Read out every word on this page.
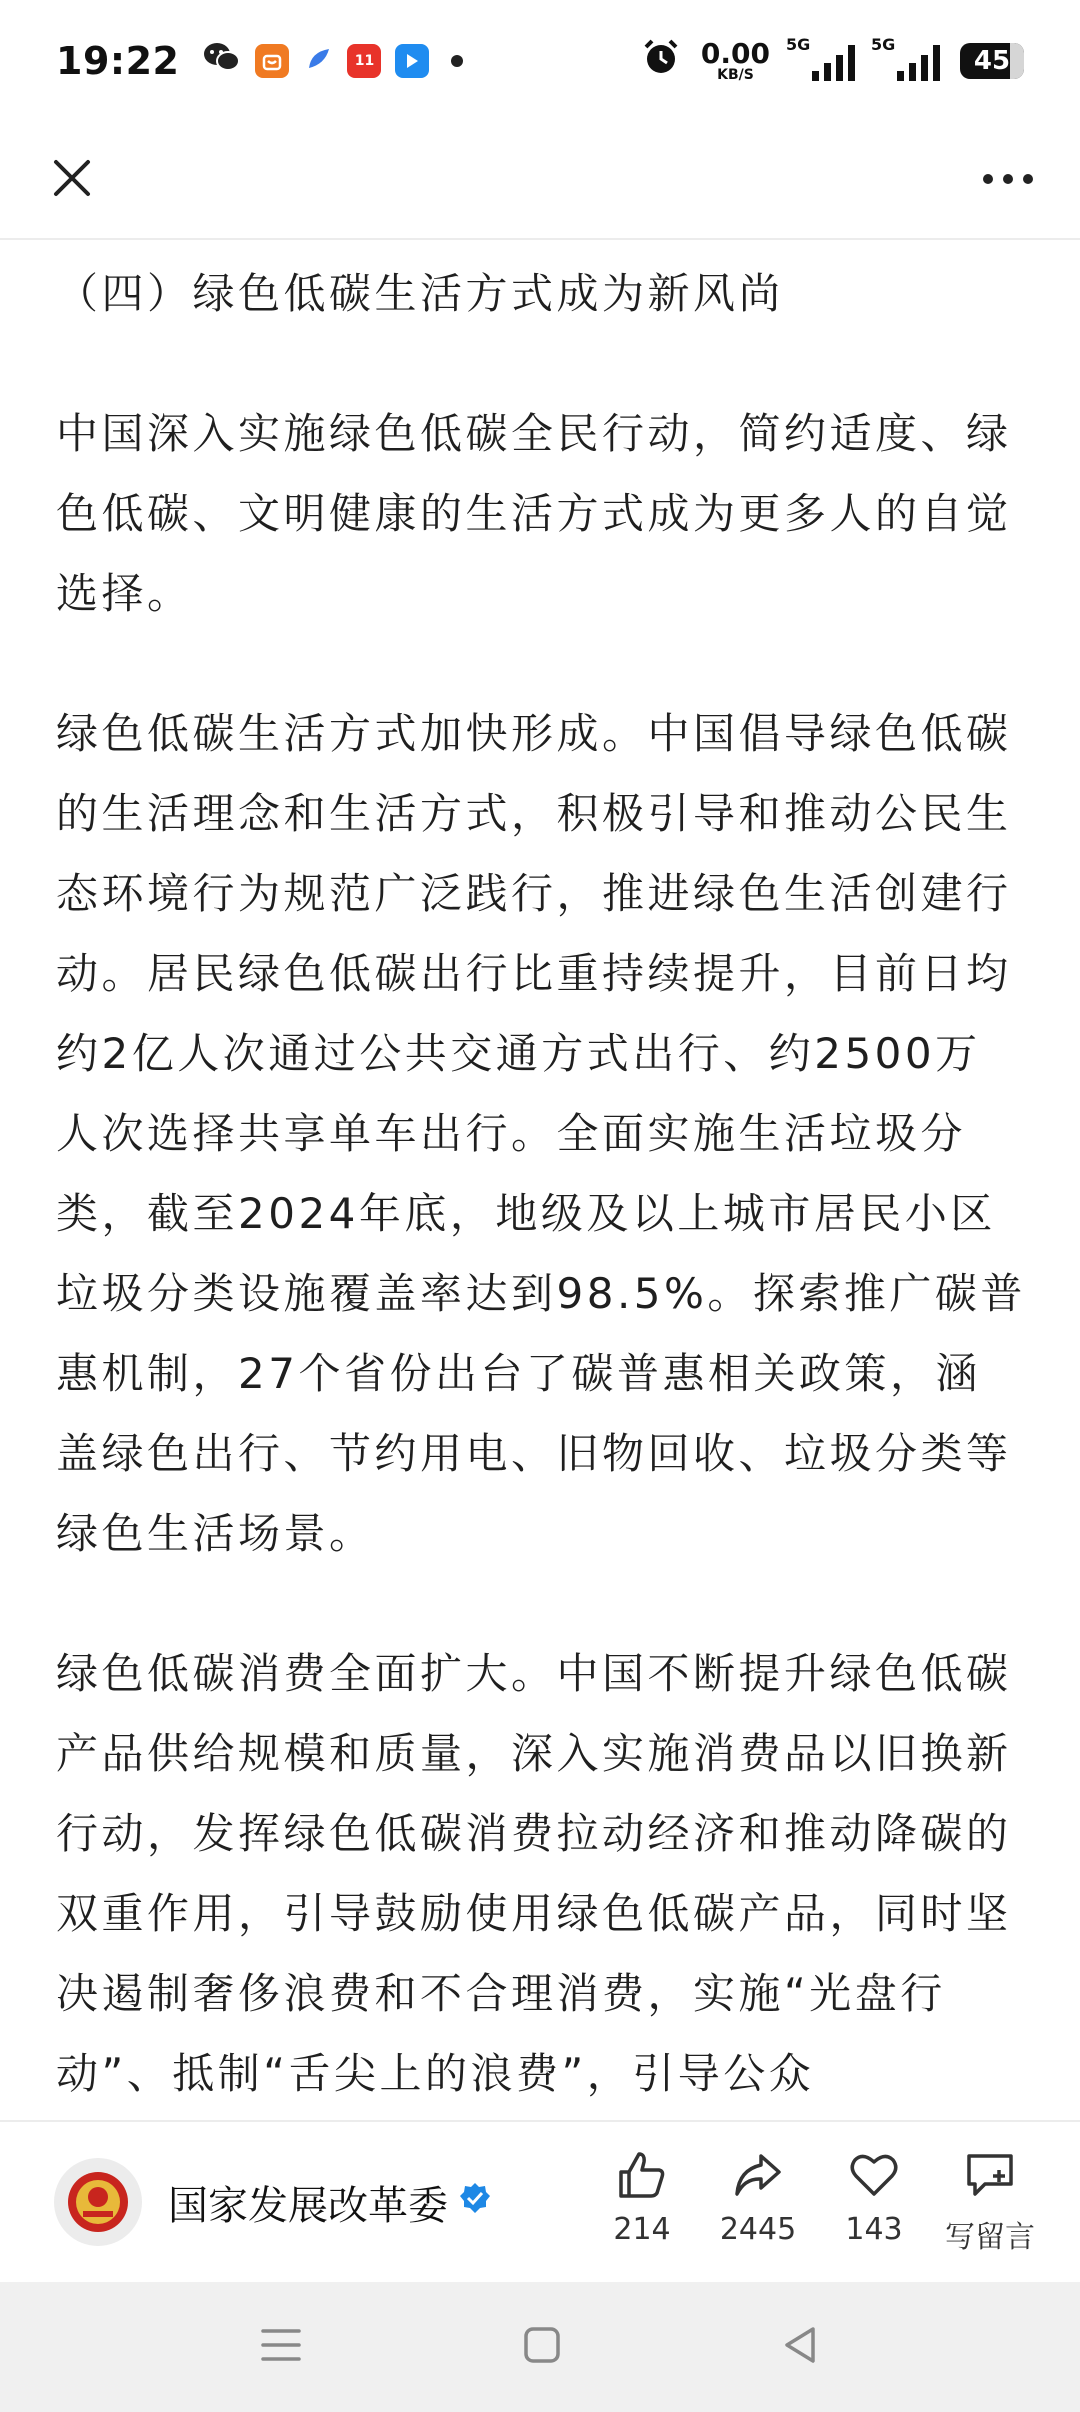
19:22	11	0.00
KB/S
5G	5G
45

（四）绿色低碳生活方式成为新风尚

中国深入实施绿色低碳全民行动，简约适度、绿色低碳、文明健康的生活方式成为更多人的自觉选择。

绿色低碳生活方式加快形成。中国倡导绿色低碳的生活理念和生活方式，积极引导和推动公民生态环境行为规范广泛践行，推进绿色生活创建行动。居民绿色低碳出行比重持续提升，目前日均约2亿人次通过公共交通方式出行、约2500万人次选择共享单车出行。全面实施生活垃圾分类，截至2024年底，地级及以上城市居民小区垃圾分类设施覆盖率达到98.5%。探索推广碳普惠机制，27个省份出台了碳普惠相关政策，涵盖绿色出行、节约用电、旧物回收、垃圾分类等绿色生活场景。

绿色低碳消费全面扩大。中国不断提升绿色低碳产品供给规模和质量，深入实施消费品以旧换新行动，发挥绿色低碳消费拉动经济和推动降碳的双重作用，引导鼓励使用绿色低碳产品，同时坚决遏制奢侈浪费和不合理消费，实施“光盘行动”、抵制“舌尖上的浪费”，引导公众

国家发展改革委
214 2445 143 写留言
